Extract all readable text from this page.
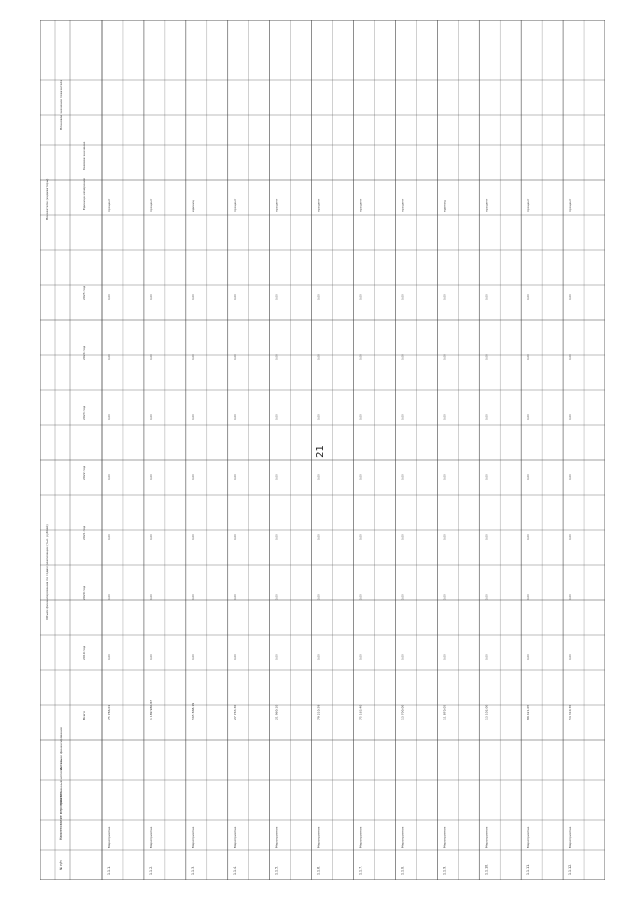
21
№ п/п
Наименование мероприятия
Ответственный исполнитель
Источник финансирования
Объем финансирования по годам реализации (тыс. рублей)
Показатели (индикаторы)	Единица измерения
базовое значение
Плановое значение показателя
Всего
2019 год
2020 год
2021 год
2022 год
2023 год
2024 год
2025 год
1.1.1.
Мероприятие
75 786,01
процент
0,00
0,00
0,00
0,00
0,00
0,00
0,00
1.1.2.
Мероприятие
1 189 980,87
процент
0,00
0,00
0,00
0,00
0,00
0,00
0,00
1.1.3.
Мероприятие
565 868,19
единиц
0,00
0,00
0,00
0,00
0,00
0,00
0,00
1.1.4.
Мероприятие
27 763,30
процент
0,00
0,00
0,00
0,00
0,00
0,00
0,00
1.1.5.
Мероприятие
21 960,10
процент
0,00
0,00
0,00
0,00
0,00
0,00
0,00
1.1.6.
Мероприятие
79 210,59
процент
0,00
0,00
0,00
0,00
0,00
0,00
0,00
1.1.7.
Мероприятие
75 163,40
процент
0,00
0,00
0,00
0,00
0,00
0,00
0,00
1.1.8.
Мероприятие
13 700,00
процент
0,00
0,00
0,00
0,00
0,00
0,00
0,00
1.1.9.
Мероприятие
11 870,05
единиц
0,00
0,00
0,00
0,00
0,00
0,00
0,00
1.1.10.
Мероприятие
13 102,00
процент
0,00
0,00
0,00
0,00
0,00
0,00
0,00
1.1.11.
Мероприятие
89 421,05
процент
0,00
0,00
0,00
0,00
0,00
0,00
0,00
1.1.12.
Мероприятие
54 310,70
процент
0,00
0,00
0,00
0,00
0,00
0,00
0,00
